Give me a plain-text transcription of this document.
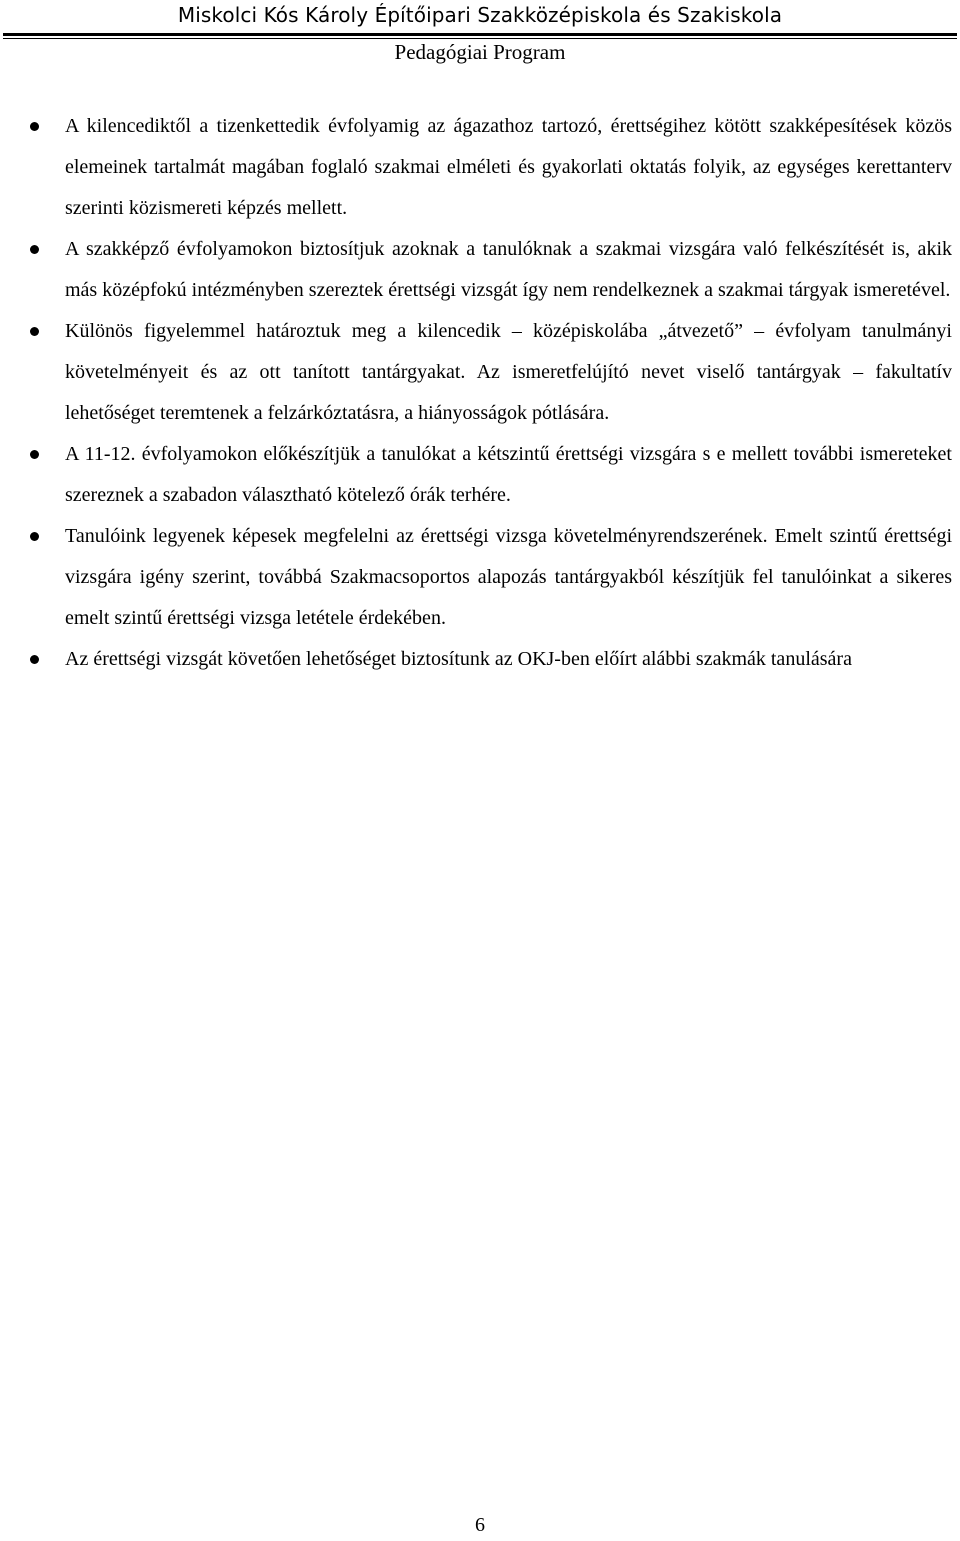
Miskolci Kós Károly Építőipari Szakközépiskola és Szakiskola
Pedagógiai Program
A kilencediktől a tizenkettedik évfolyamig az ágazathoz tartozó, érettségihez kötött szakképesítések közös elemeinek tartalmát magában foglaló szakmai elméleti és gyakorlati oktatás folyik, az egységes kerettanterv szerinti közismereti képzés mellett.
A szakképző évfolyamokon biztosítjuk azoknak a tanulóknak a szakmai vizsgára való felkészítését is, akik más középfokú intézményben szereztek érettségi vizsgát így nem rendelkeznek a szakmai tárgyak ismeretével.
Különös figyelemmel határoztuk meg a kilencedik – középiskolába „átvezető” – évfolyam tanulmányi követelményeit és az ott tanított tantárgyakat. Az ismeretfelújító nevet viselő tantárgyak – fakultatív lehetőséget teremtenek a felzárkóztatásra, a hiányosságok pótlására.
A 11-12. évfolyamokon előkészítjük a tanulókat a kétszintű érettségi vizsgára s e mellett további ismereteket szereznek a szabadon választható kötelező órák terhére.
Tanulóink legyenek képesek megfelelni az érettségi vizsga követelményrendszerének. Emelt szintű érettségi vizsgára igény szerint, továbbá Szakmacsoportos alapozás tantárgyakból készítjük fel tanulóinkat a sikeres emelt szintű érettségi vizsga letétele érdekében.
Az érettségi vizsgát követően lehetőséget biztosítunk az OKJ-ben előírt alábbi szakmák tanulására
6
